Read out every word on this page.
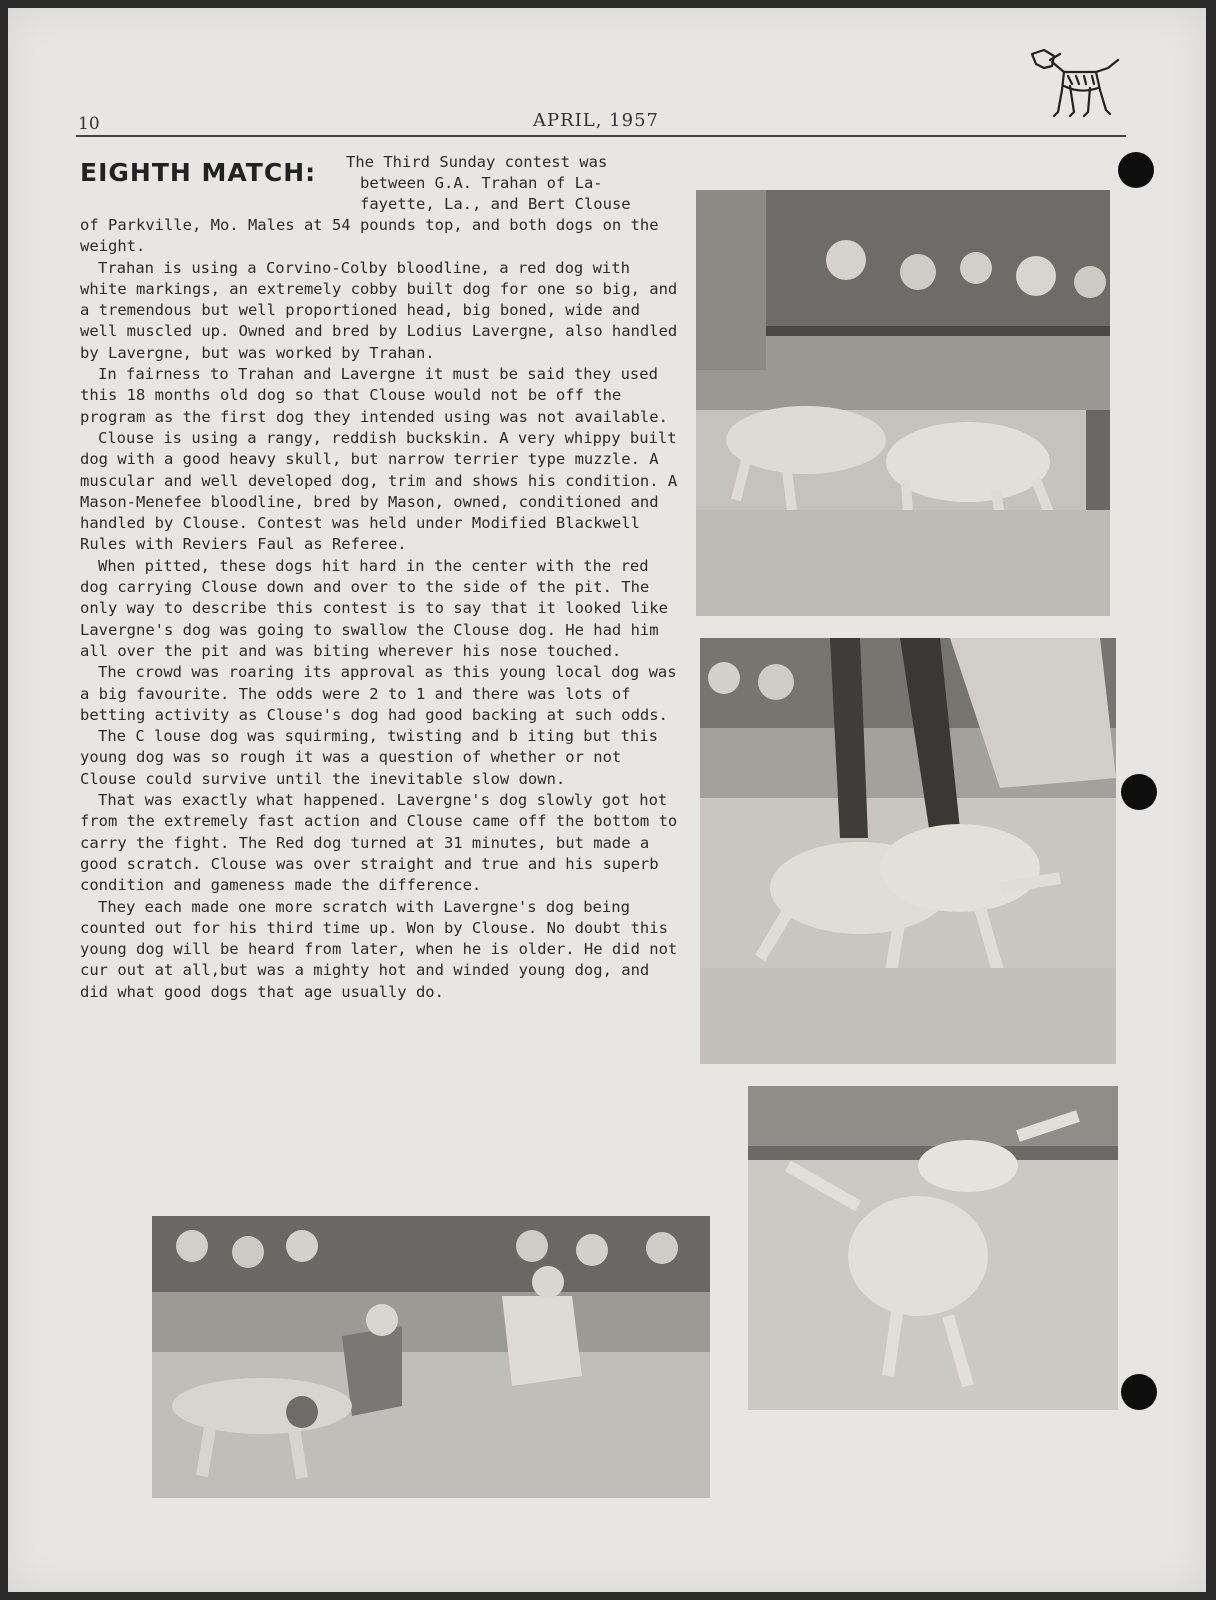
10	APRIL, 1957
EIGHTH MATCH: The Third Sunday contest was
between G.A. Trahan of La-
fayette, La., and Bert Clouse

of Parkville, Mo. Males at 54 pounds top, and both dogs on the weight.

Trahan is using a Corvino-Colby bloodline, a red dog with white markings, an extremely cobby built dog for one so big, and a tremendous but well proportioned head, big boned, wide and well muscled up. Owned and bred by Lodius Lavergne, also handled by Lavergne, but was worked by Trahan.

In fairness to Trahan and Lavergne it must be said they used this 18 months old dog so that Clouse would not be off the program as the first dog they intended using was not available.

Clouse is using a rangy, reddish buckskin. A very whippy built dog with a good heavy skull, but narrow terrier type muzzle. A muscular and well developed dog, trim and shows his condition. A Mason-Menefee bloodline, bred by Mason, owned, conditioned and handled by Clouse. Contest was held under Modified Blackwell Rules with Reviers Faul as Referee.

When pitted, these dogs hit hard in the center with the red dog carrying Clouse down and over to the side of the pit. The only way to describe this contest is to say that it looked like Lavergne's dog was going to swallow the Clouse dog. He had him all over the pit and was biting wherever his nose touched.

The crowd was roaring its approval as this young local dog was a big favourite. The odds were 2 to 1 and there was lots of betting activity as Clouse's dog had good backing at such odds.

The C louse dog was squirming, twisting and b iting but this young dog was so rough it was a question of whether or not Clouse could survive until the inevitable slow down.

That was exactly what happened. Lavergne's dog slowly got hot from the extremely fast action and Clouse came off the bottom to carry the fight. The Red dog turned at 31 minutes, but made a good scratch. Clouse was over straight and true and his superb condition and gameness made the difference.

They each made one more scratch with Lavergne's dog being counted out for his third time up. Won by Clouse. No doubt this young dog will be heard from later, when he is older. He did not cur out at all,but was a mighty hot and winded young dog, and did what good dogs that age usually do.
